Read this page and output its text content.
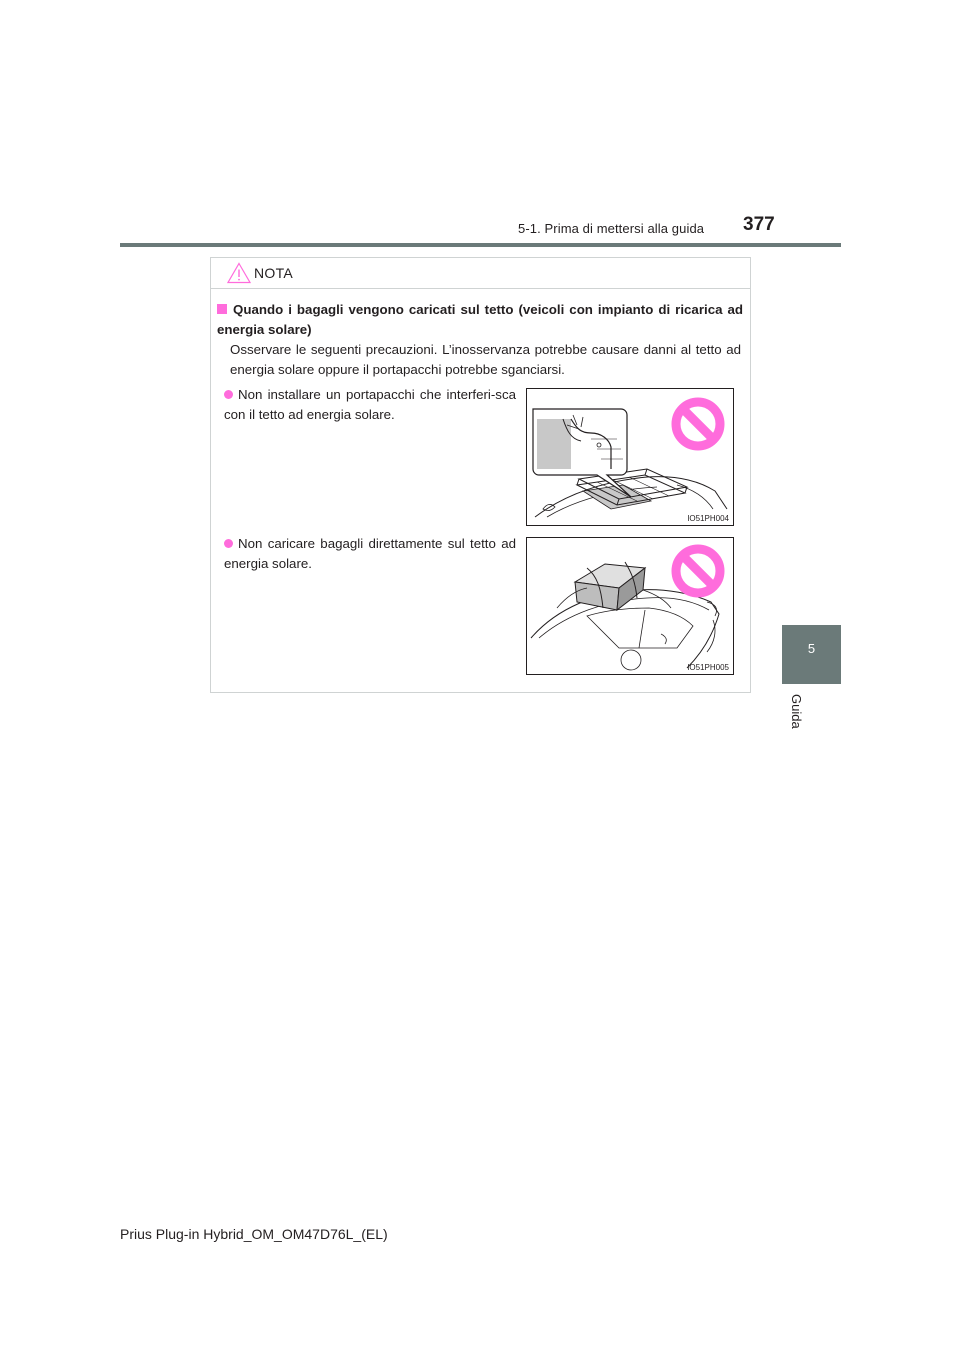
5-1. Prima di mettersi alla guida 377
5
Guida
NOTA
Quando i bagagli vengono caricati sul tetto (veicoli con impianto di ricarica ad energia solare)
Osservare le seguenti precauzioni. L’inosservanza potrebbe causare danni al tetto ad energia solare oppure il portapacchi potrebbe sganciarsi.
Non installare un portapacchi che interferi-sca con il tetto ad energia solare.
IO51PH004
Non caricare bagagli direttamente sul tetto ad energia solare.
IO51PH005
Prius Plug-in Hybrid_OM_OM47D76L_(EL)
